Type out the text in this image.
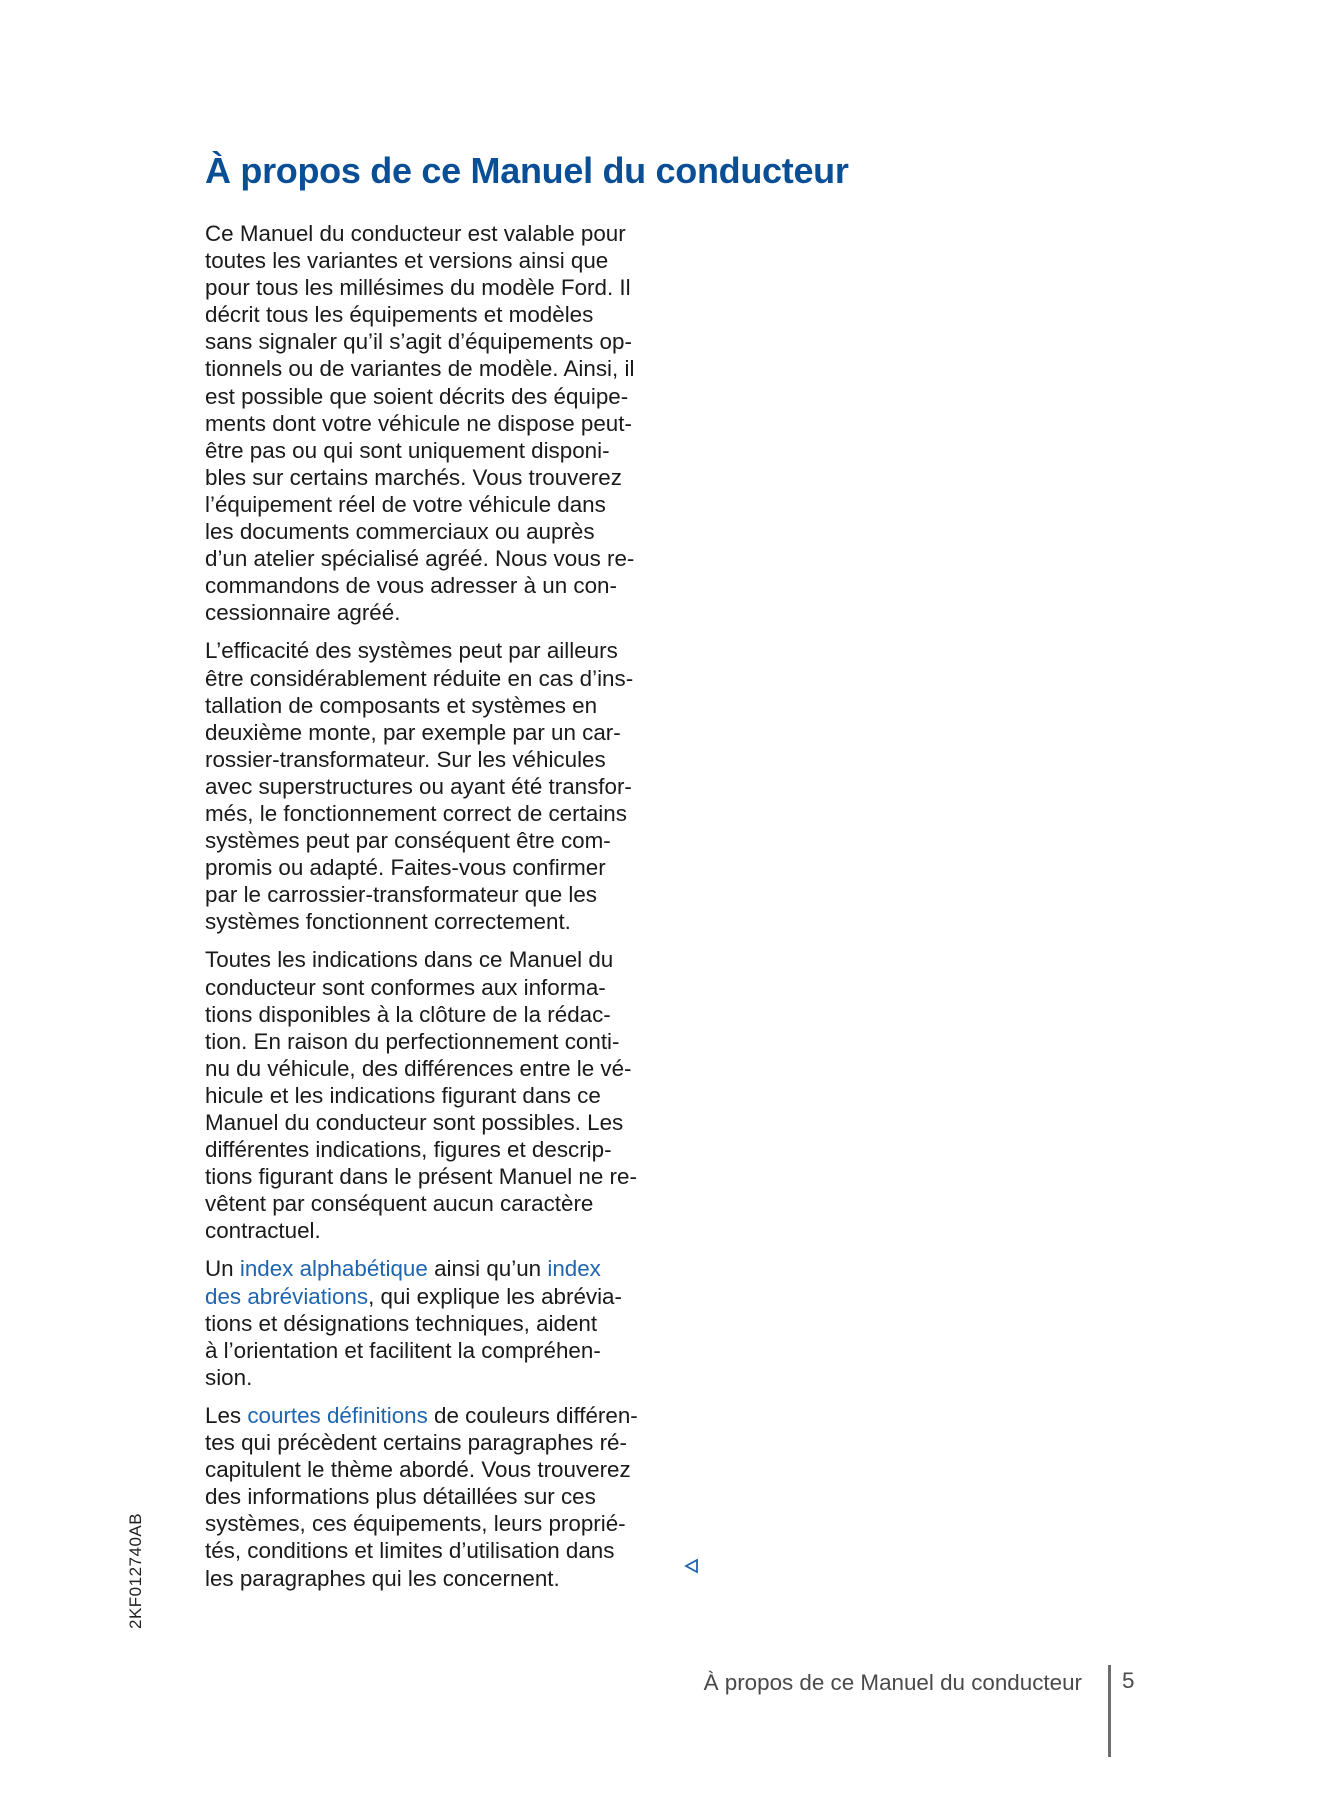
À propos de ce Manuel du conducteur

Ce Manuel du conducteur est valable pour
toutes les variantes et versions ainsi que
pour tous les millésimes du modèle Ford. Il
décrit tous les équipements et modèles
sans signaler qu’il s’agit d’équipements op-
tionnels ou de variantes de modèle. Ainsi, il
est possible que soient décrits des équipe-
ments dont votre véhicule ne dispose peut-
être pas ou qui sont uniquement disponi-
bles sur certains marchés. Vous trouverez
l’équipement réel de votre véhicule dans
les documents commerciaux ou auprès
d’un atelier spécialisé agréé. Nous vous re-
commandons de vous adresser à un con-
cessionnaire agréé.

L’efficacité des systèmes peut par ailleurs
être considérablement réduite en cas d’ins-
tallation de composants et systèmes en
deuxième monte, par exemple par un car-
rossier-transformateur. Sur les véhicules
avec superstructures ou ayant été transfor-
més, le fonctionnement correct de certains
systèmes peut par conséquent être com-
promis ou adapté. Faites-vous confirmer
par le carrossier-transformateur que les
systèmes fonctionnent correctement.

Toutes les indications dans ce Manuel du
conducteur sont conformes aux informa-
tions disponibles à la clôture de la rédac-
tion. En raison du perfectionnement conti-
nu du véhicule, des différences entre le vé-
hicule et les indications figurant dans ce
Manuel du conducteur sont possibles. Les
différentes indications, figures et descrip-
tions figurant dans le présent Manuel ne re-
vêtent par conséquent aucun caractère
contractuel.

Un index alphabétique ainsi qu’un index
des abréviations, qui explique les abrévia-
tions et désignations techniques, aident
à l’orientation et facilitent la compréhen-
sion.

Les courtes définitions de couleurs différen-
tes qui précèdent certains paragraphes ré-
capitulent le thème abordé. Vous trouverez
des informations plus détaillées sur ces
systèmes, ces équipements, leurs proprié-
tés, conditions et limites d’utilisation dans
les paragraphes qui les concernent.

2KF012740AB
À propos de ce Manuel du conducteur 5
